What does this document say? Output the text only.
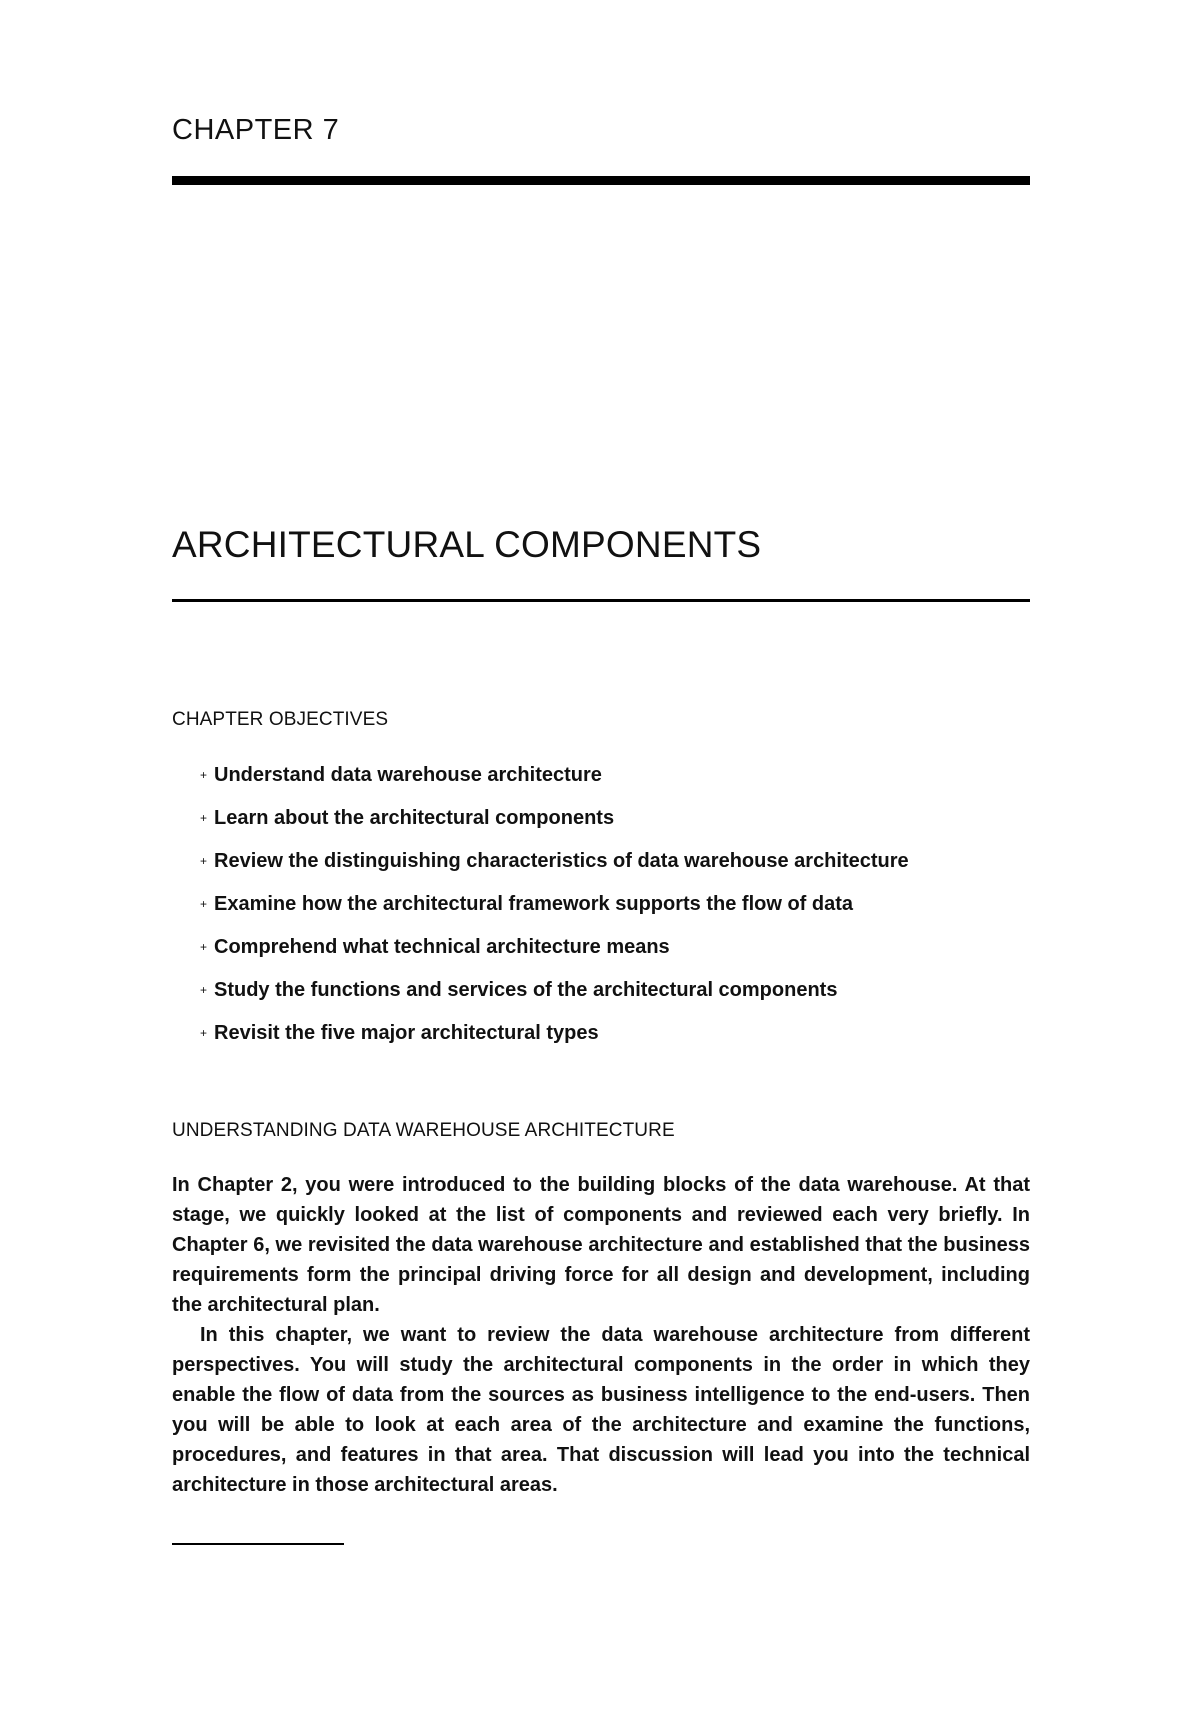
CHAPTER 7
ARCHITECTURAL COMPONENTS
CHAPTER OBJECTIVES
+ Understand data warehouse architecture
+ Learn about the architectural components
+ Review the distinguishing characteristics of data warehouse architecture
+ Examine how the architectural framework supports the flow of data
+ Comprehend what technical architecture means
+ Study the functions and services of the architectural components
+ Revisit the five major architectural types
UNDERSTANDING DATA WAREHOUSE ARCHITECTURE

In Chapter 2, you were introduced to the building blocks of the data warehouse. At that stage, we quickly looked at the list of components and reviewed each very briefly. In Chapter 6, we revisited the data warehouse architecture and established that the business requirements form the principal driving force for all design and development, including the architectural plan.

In this chapter, we want to review the data warehouse architecture from different perspectives. You will study the architectural components in the order in which they enable the flow of data from the sources as business intelligence to the end-users. Then you will be able to look at each area of the architecture and examine the functions, procedures, and features in that area. That discussion will lead you into the technical architecture in those architectural areas.
